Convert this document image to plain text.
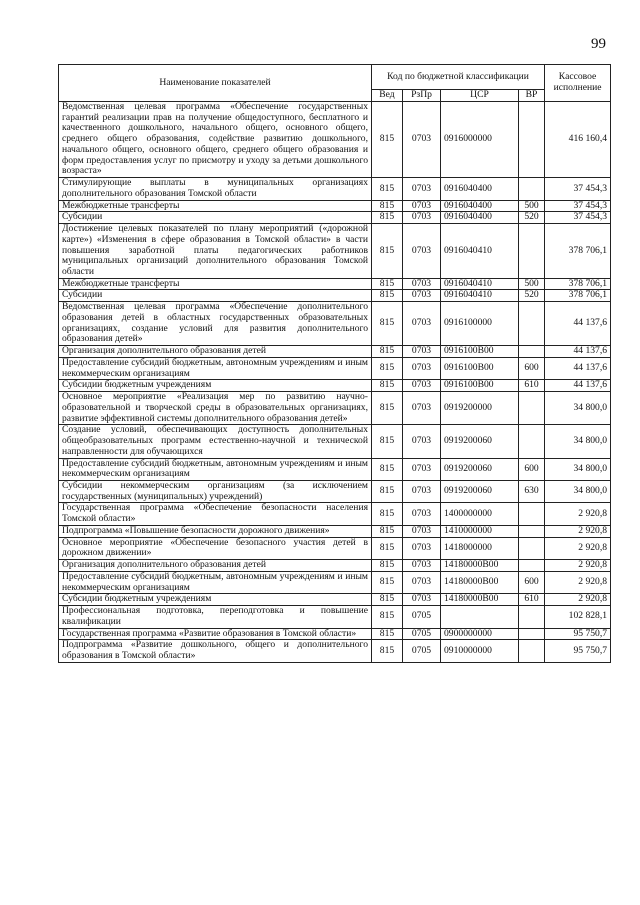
99
Наименование показателей	Код по бюджетной классификации				Кассовое исполнение
	Вед	РзПр	ЦСР	ВР	
Ведомственная целевая программа «Обеспечение государственных гарантий реализации прав на получение общедоступного, бесплатного и качественного дошкольного, начального общего, основного общего, среднего общего образования, содействие развитию дошкольного, начального общего, основного общего, среднего общего образования и форм предоставления услуг по присмотру и уходу за детьми дошкольного возраста»	815	0703	0916000000		416 160,4
Стимулирующие выплаты в муниципальных организациях дополнительного образования Томской области	815	0703	0916040400		37 454,3
Межбюджетные трансферты	815	0703	0916040400	500	37 454,3
Субсидии	815	0703	0916040400	520	37 454,3
Достижение целевых показателей по плану мероприятий («дорожной карте») «Изменения в сфере образования в Томской области» в части повышения заработной платы педагогических работников муниципальных организаций дополнительного образования Томской области	815	0703	0916040410		378 706,1
Межбюджетные трансферты	815	0703	0916040410	500	378 706,1
Субсидии	815	0703	0916040410	520	378 706,1
Ведомственная целевая программа «Обеспечение дополнительного образования детей в областных государственных образовательных организациях, создание условий для развития дополнительного образования детей»	815	0703	0916100000		44 137,6
Организация дополнительного образования детей	815	0703	0916100В00		44 137,6
Предоставление субсидий бюджетным, автономным учреждениям и иным некоммерческим организациям	815	0703	0916100В00	600	44 137,6
Субсидии бюджетным учреждениям	815	0703	0916100В00	610	44 137,6
Основное мероприятие «Реализация мер по развитию научно-образовательной и творческой среды в образовательных организациях, развитие эффективной системы дополнительного образования детей»	815	0703	0919200000		34 800,0
Создание условий, обеспечивающих доступность дополнительных общеобразовательных программ естественно-научной и технической направленности для обучающихся	815	0703	0919200060		34 800,0
Предоставление субсидий бюджетным, автономным учреждениям и иным некоммерческим организациям	815	0703	0919200060	600	34 800,0
Субсидии некоммерческим организациям (за исключением государственных (муниципальных) учреждений)	815	0703	0919200060	630	34 800,0
Государственная программа «Обеспечение безопасности населения Томской области»	815	0703	1400000000		2 920,8
Подпрограмма «Повышение безопасности дорожного движения»	815	0703	1410000000		2 920,8
Основное мероприятие «Обеспечение безопасного участия детей в дорожном движении»	815	0703	1418000000		2 920,8
Организация дополнительного образования детей	815	0703	14180000В00		2 920,8
Предоставление субсидий бюджетным, автономным учреждениям и иным некоммерческим организациям	815	0703	14180000В00	600	2 920,8
Субсидии бюджетным учреждениям	815	0703	14180000В00	610	2 920,8
Профессиональная подготовка, переподготовка и повышение квалификации	815	0705			102 828,1
Государственная программа «Развитие образования в Томской области»	815	0705	0900000000		95 750,7
Подпрограмма «Развитие дошкольного, общего и дополнительного образования в Томской области»	815	0705	0910000000		95 750,7
